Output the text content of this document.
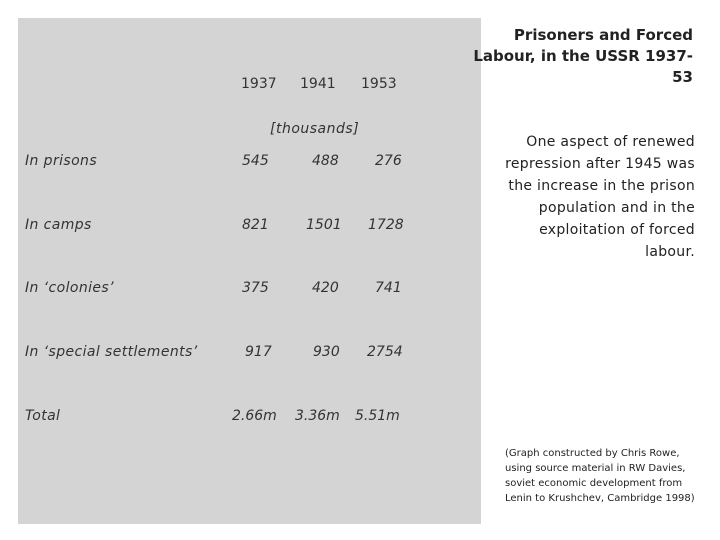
1937 1941 1953
[thousands]
In prisons	545	488	276
In camps	821	1501 1728
In ‘colonies’	375	420	741
In ‘special settlements’	917	930 2754
Total	2.66m 3.36m 5.51m
Prisoners and Forced Labour, in the USSR 1937-53
One aspect of renewed repression after 1945 was the increase in the prison population and in the exploitation of forced labour.
(Graph constructed by Chris Rowe, using source material in RW Davies, soviet economic development from Lenin to Krushchev, Cambridge 1998)
